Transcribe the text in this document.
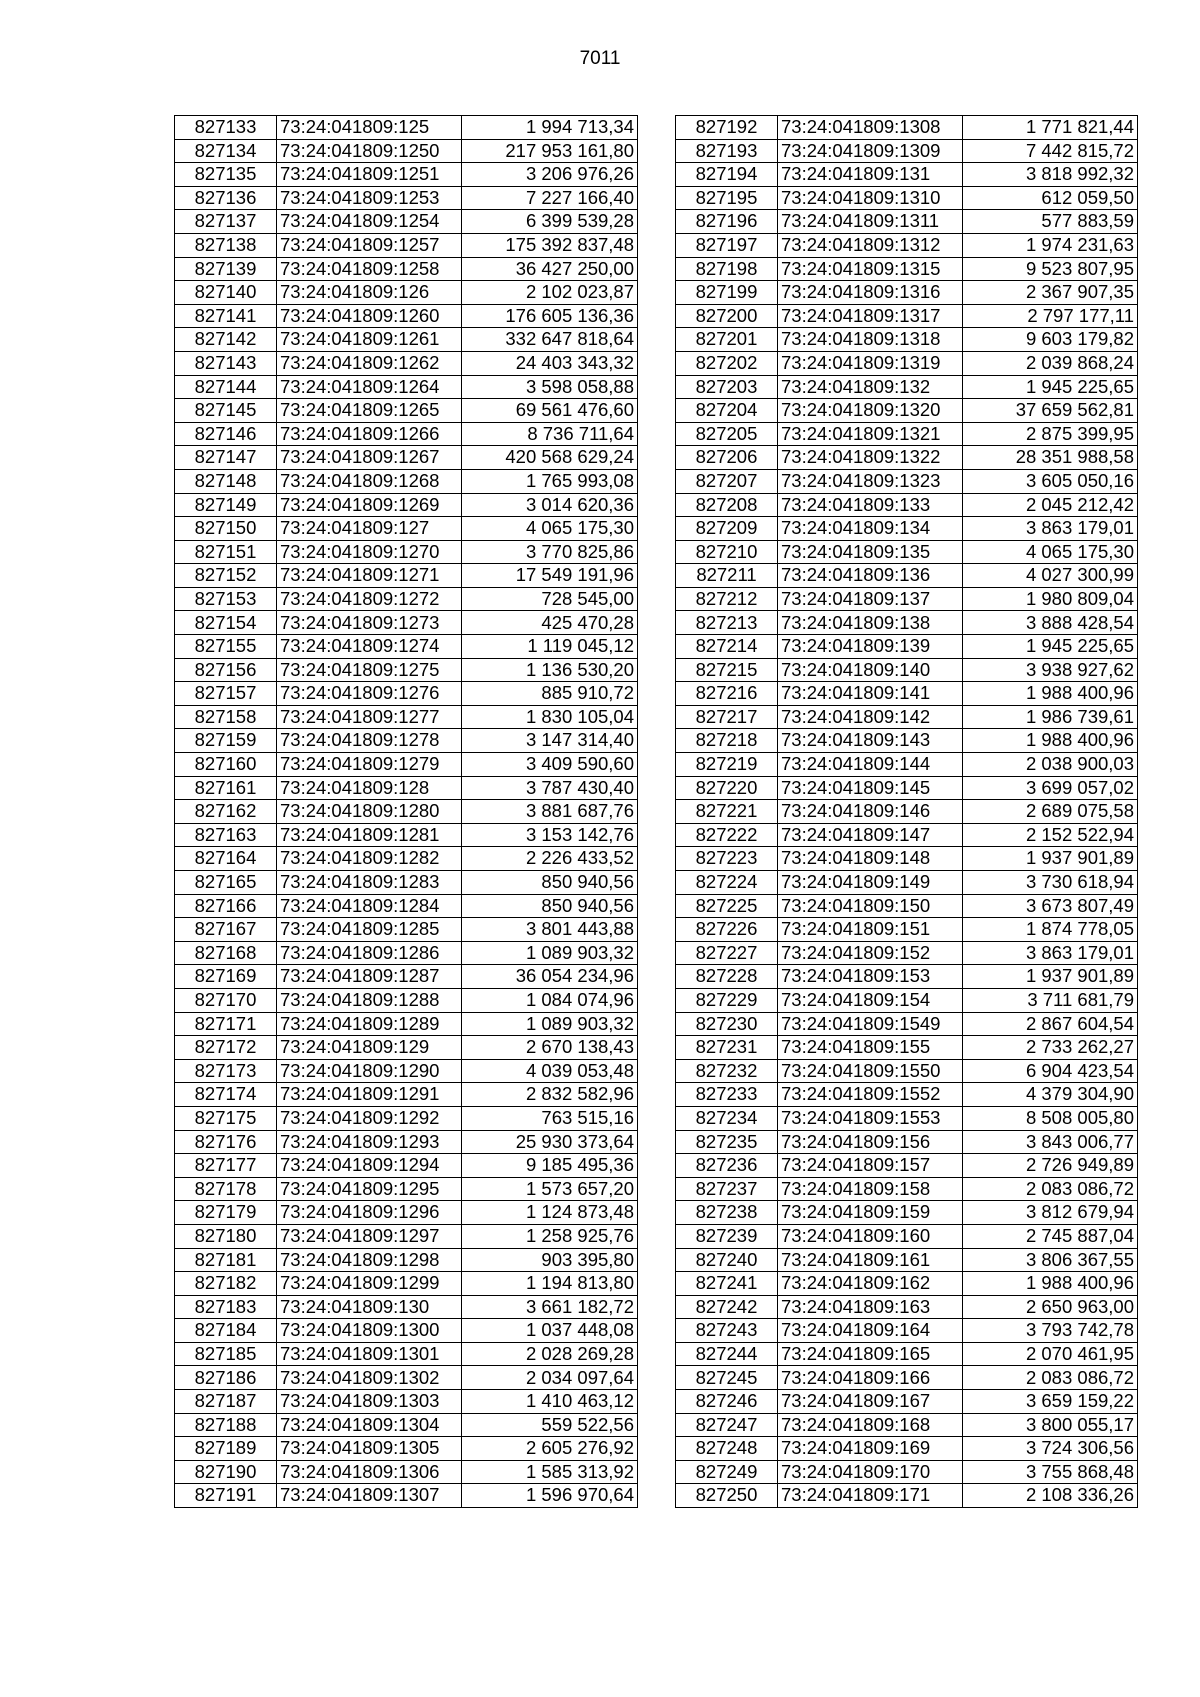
7011
827133	73:24:041809:125	1 994 713,34
827134	73:24:041809:1250	217 953 161,80
827135	73:24:041809:1251	3 206 976,26
827136	73:24:041809:1253	7 227 166,40
827137	73:24:041809:1254	6 399 539,28
827138	73:24:041809:1257	175 392 837,48
827139	73:24:041809:1258	36 427 250,00
827140	73:24:041809:126	2 102 023,87
827141	73:24:041809:1260	176 605 136,36
827142	73:24:041809:1261	332 647 818,64
827143	73:24:041809:1262	24 403 343,32
827144	73:24:041809:1264	3 598 058,88
827145	73:24:041809:1265	69 561 476,60
827146	73:24:041809:1266	8 736 711,64
827147	73:24:041809:1267	420 568 629,24
827148	73:24:041809:1268	1 765 993,08
827149	73:24:041809:1269	3 014 620,36
827150	73:24:041809:127	4 065 175,30
827151	73:24:041809:1270	3 770 825,86
827152	73:24:041809:1271	17 549 191,96
827153	73:24:041809:1272	728 545,00
827154	73:24:041809:1273	425 470,28
827155	73:24:041809:1274	1 119 045,12
827156	73:24:041809:1275	1 136 530,20
827157	73:24:041809:1276	885 910,72
827158	73:24:041809:1277	1 830 105,04
827159	73:24:041809:1278	3 147 314,40
827160	73:24:041809:1279	3 409 590,60
827161	73:24:041809:128	3 787 430,40
827162	73:24:041809:1280	3 881 687,76
827163	73:24:041809:1281	3 153 142,76
827164	73:24:041809:1282	2 226 433,52
827165	73:24:041809:1283	850 940,56
827166	73:24:041809:1284	850 940,56
827167	73:24:041809:1285	3 801 443,88
827168	73:24:041809:1286	1 089 903,32
827169	73:24:041809:1287	36 054 234,96
827170	73:24:041809:1288	1 084 074,96
827171	73:24:041809:1289	1 089 903,32
827172	73:24:041809:129	2 670 138,43
827173	73:24:041809:1290	4 039 053,48
827174	73:24:041809:1291	2 832 582,96
827175	73:24:041809:1292	763 515,16
827176	73:24:041809:1293	25 930 373,64
827177	73:24:041809:1294	9 185 495,36
827178	73:24:041809:1295	1 573 657,20
827179	73:24:041809:1296	1 124 873,48
827180	73:24:041809:1297	1 258 925,76
827181	73:24:041809:1298	903 395,80
827182	73:24:041809:1299	1 194 813,80
827183	73:24:041809:130	3 661 182,72
827184	73:24:041809:1300	1 037 448,08
827185	73:24:041809:1301	2 028 269,28
827186	73:24:041809:1302	2 034 097,64
827187	73:24:041809:1303	1 410 463,12
827188	73:24:041809:1304	559 522,56
827189	73:24:041809:1305	2 605 276,92
827190	73:24:041809:1306	1 585 313,92
827191	73:24:041809:1307	1 596 970,64
827192	73:24:041809:1308	1 771 821,44
827193	73:24:041809:1309	7 442 815,72
827194	73:24:041809:131	3 818 992,32
827195	73:24:041809:1310	612 059,50
827196	73:24:041809:1311	577 883,59
827197	73:24:041809:1312	1 974 231,63
827198	73:24:041809:1315	9 523 807,95
827199	73:24:041809:1316	2 367 907,35
827200	73:24:041809:1317	2 797 177,11
827201	73:24:041809:1318	9 603 179,82
827202	73:24:041809:1319	2 039 868,24
827203	73:24:041809:132	1 945 225,65
827204	73:24:041809:1320	37 659 562,81
827205	73:24:041809:1321	2 875 399,95
827206	73:24:041809:1322	28 351 988,58
827207	73:24:041809:1323	3 605 050,16
827208	73:24:041809:133	2 045 212,42
827209	73:24:041809:134	3 863 179,01
827210	73:24:041809:135	4 065 175,30
827211	73:24:041809:136	4 027 300,99
827212	73:24:041809:137	1 980 809,04
827213	73:24:041809:138	3 888 428,54
827214	73:24:041809:139	1 945 225,65
827215	73:24:041809:140	3 938 927,62
827216	73:24:041809:141	1 988 400,96
827217	73:24:041809:142	1 986 739,61
827218	73:24:041809:143	1 988 400,96
827219	73:24:041809:144	2 038 900,03
827220	73:24:041809:145	3 699 057,02
827221	73:24:041809:146	2 689 075,58
827222	73:24:041809:147	2 152 522,94
827223	73:24:041809:148	1 937 901,89
827224	73:24:041809:149	3 730 618,94
827225	73:24:041809:150	3 673 807,49
827226	73:24:041809:151	1 874 778,05
827227	73:24:041809:152	3 863 179,01
827228	73:24:041809:153	1 937 901,89
827229	73:24:041809:154	3 711 681,79
827230	73:24:041809:1549	2 867 604,54
827231	73:24:041809:155	2 733 262,27
827232	73:24:041809:1550	6 904 423,54
827233	73:24:041809:1552	4 379 304,90
827234	73:24:041809:1553	8 508 005,80
827235	73:24:041809:156	3 843 006,77
827236	73:24:041809:157	2 726 949,89
827237	73:24:041809:158	2 083 086,72
827238	73:24:041809:159	3 812 679,94
827239	73:24:041809:160	2 745 887,04
827240	73:24:041809:161	3 806 367,55
827241	73:24:041809:162	1 988 400,96
827242	73:24:041809:163	2 650 963,00
827243	73:24:041809:164	3 793 742,78
827244	73:24:041809:165	2 070 461,95
827245	73:24:041809:166	2 083 086,72
827246	73:24:041809:167	3 659 159,22
827247	73:24:041809:168	3 800 055,17
827248	73:24:041809:169	3 724 306,56
827249	73:24:041809:170	3 755 868,48
827250	73:24:041809:171	2 108 336,26
